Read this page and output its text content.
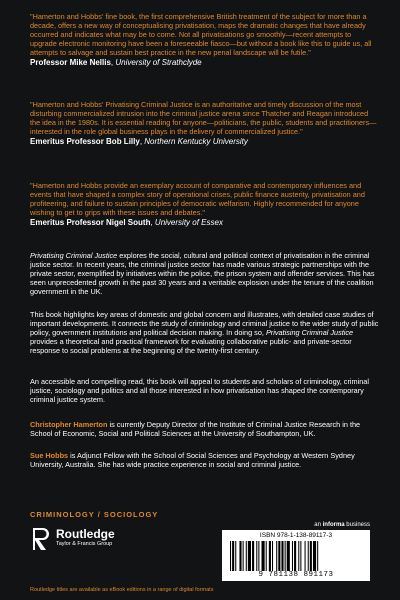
"Hamerton and Hobbs' fine book, the first comprehensive British treatment of the subject for more than a decade, offers a new way of conceptualising privatisation, maps the dramatic changes that have already occurred and indicates what may be to come. Not all privatisations go smoothly—recent attempts to upgrade electronic monitoring have been a foreseeable fiasco—but without a book like this to guide us, all attempts to salvage and sustain best practice in the new penal landscape will be futile."

Professor Mike Nellis, University of Strathclyde

"Hamerton and Hobbs' Privatising Criminal Justice is an authoritative and timely discussion of the most disturbing commercialized intrusion into the criminal justice arena since Thatcher and Reagan introduced the idea in the 1980s. It is essential reading for anyone—politicians, the public, students and practitioners—interested in the role global business plays in the delivery of commercialized justice."

Emeritus Professor Bob Lilly, Northern Kentucky University

"Hamerton and Hobbs provide an exemplary account of comparative and contemporary influences and events that have shaped a complex story of operational crises, public finance austerity, privatisation and profiteering, and failure to sustain principles of democratic welfarism. Highly recommended for anyone wishing to get to grips with these issues and debates."

Emeritus Professor Nigel South, University of Essex

Privatising Criminal Justice explores the social, cultural and political context of privatisation in the criminal justice sector. In recent years, the criminal justice sector has made various strategic partnerships with the private sector, exemplified by initiatives within the police, the prison system and offender services. This has seen unprecedented growth in the past 30 years and a veritable explosion under the tenure of the coalition government in the UK.

This book highlights key areas of domestic and global concern and illustrates, with detailed case studies of important developments. It connects the study of criminology and criminal justice to the wider study of public policy, government institutions and political decision making. In doing so, Privatising Criminal Justice provides a theoretical and practical framework for evaluating collaborative public- and private-sector response to social problems at the beginning of the twenty-first century.

An accessible and compelling read, this book will appeal to students and scholars of criminology, criminal justice, sociology and politics and all those interested in how privatisation has shaped the contemporary criminal justice system.

Christopher Hamerton is currently Deputy Director of the Institute of Criminal Justice Research in the School of Economic, Social and Political Sciences at the University of Southampton, UK.

Sue Hobbs is Adjunct Fellow with the School of Social Sciences and Psychology at Western Sydney University, Australia. She has wide practice experience in social and criminal justice.

CRIMINOLOGY / SOCIOLOGY
Routledge
Taylor & Francis Group
an informa business
ISBN 978-1-138-89117-3
9 781138 891173
Routledge titles are available as eBook editions in a range of digital formats
